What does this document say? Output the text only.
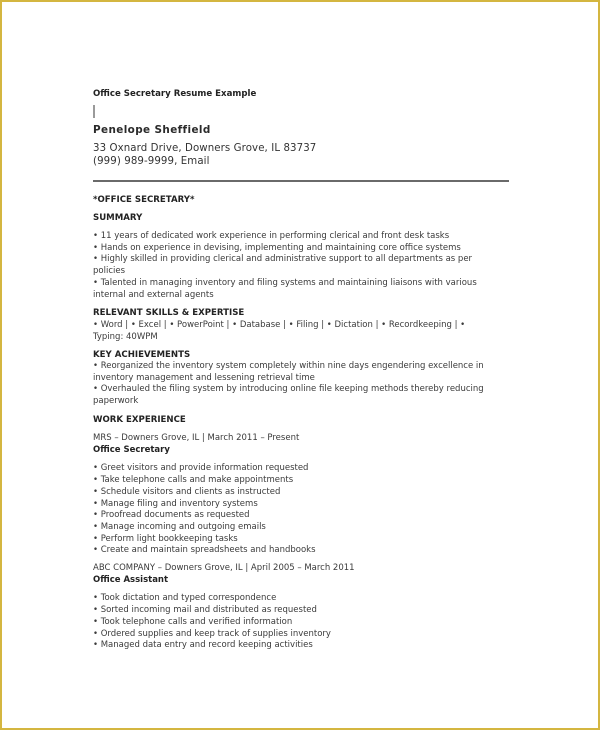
Office Secretary Resume Example
Penelope Sheffield
33 Oxnard Drive, Downers Grove, IL 83737
(999) 989-9999, Email
*OFFICE SECRETARY*
SUMMARY
• 11 years of dedicated work experience in performing clerical and front desk tasks
• Hands on experience in devising, implementing and maintaining core office systems
• Highly skilled in providing clerical and administrative support to all departments as per policies
• Talented in managing inventory and filing systems and maintaining liaisons with various internal and external agents
RELEVANT SKILLS & EXPERTISE
• Word | • Excel | • PowerPoint | • Database | • Filing | • Dictation | • Recordkeeping | • Typing: 40WPM
KEY ACHIEVEMENTS
• Reorganized the inventory system completely within nine days engendering excellence in inventory management and lessening retrieval time
• Overhauled the filing system by introducing online file keeping methods thereby reducing paperwork
WORK EXPERIENCE
MRS – Downers Grove, IL | March 2011 – Present
Office Secretary
• Greet visitors and provide information requested
• Take telephone calls and make appointments
• Schedule visitors and clients as instructed
• Manage filing and inventory systems
• Proofread documents as requested
• Manage incoming and outgoing emails
• Perform light bookkeeping tasks
• Create and maintain spreadsheets and handbooks
ABC COMPANY – Downers Grove, IL | April 2005 – March 2011
Office Assistant
• Took dictation and typed correspondence
• Sorted incoming mail and distributed as requested
• Took telephone calls and verified information
• Ordered supplies and keep track of supplies inventory
• Managed data entry and record keeping activities
